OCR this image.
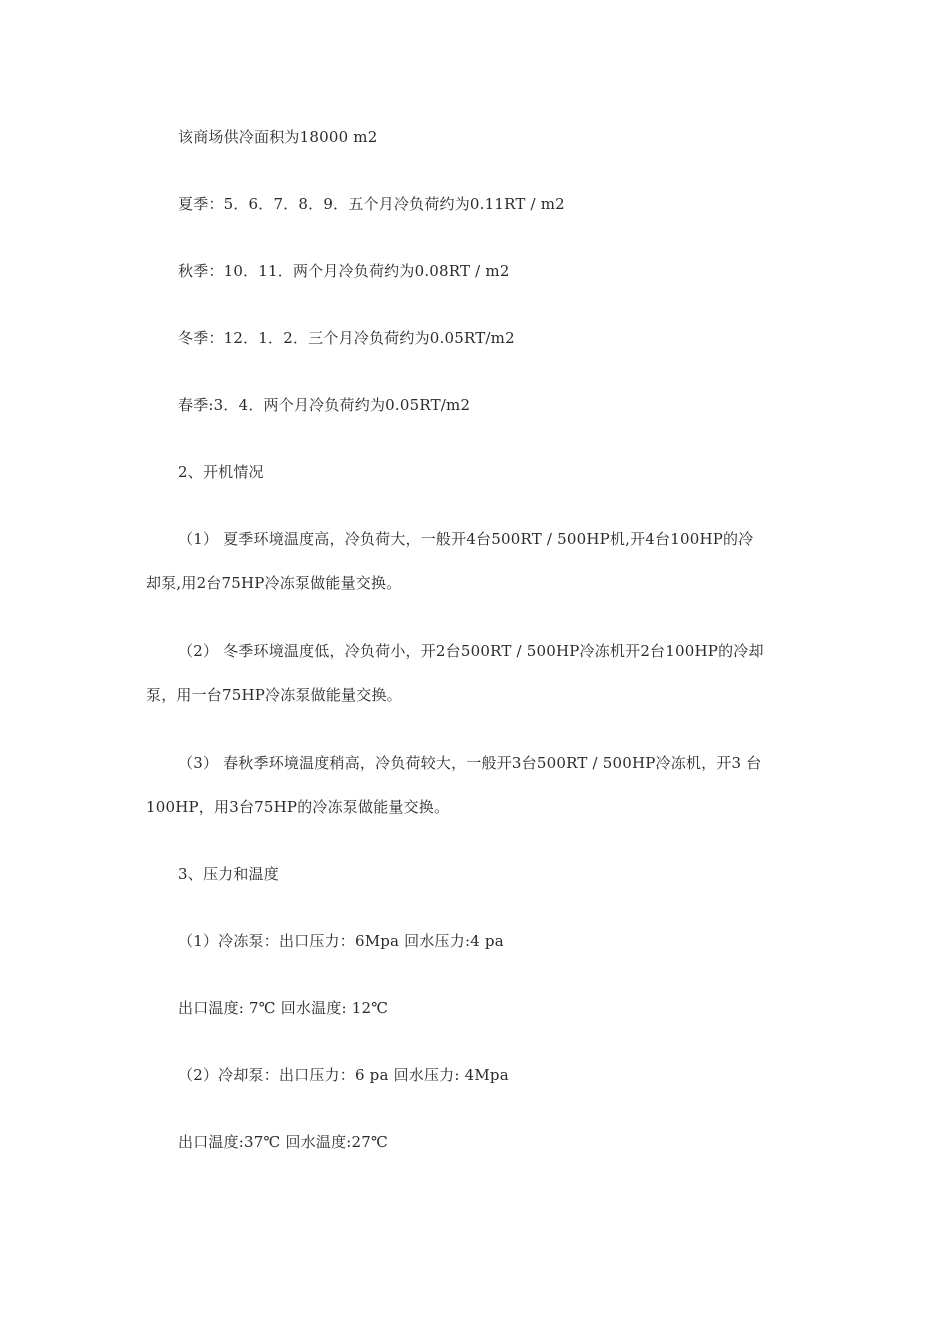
该商场供冷面积为18000 m2
夏季：5．6．7．8．9．五个月冷负荷约为0.11RT / m2
秋季：10．11．两个月冷负荷约为0.08RT / m2
冬季：12．1．2．三个月冷负荷约为0.05RT/m2
春季:3．4．两个月冷负荷约为0.05RT/m2
2、开机情况
（1） 夏季环境温度高，冷负荷大，一般开4台500RT / 500HP机,开4台100HP的冷
却泵,用2台75HP冷冻泵做能量交换。
（2） 冬季环境温度低，冷负荷小，开2台500RT / 500HP冷冻机开2台100HP的冷却
泵，用一台75HP冷冻泵做能量交换。
（3） 春秋季环境温度稍高，冷负荷较大，一般开3台500RT / 500HP冷冻机，开3 台
100HP，用3台75HP的冷冻泵做能量交换。
3、压力和温度
（1）冷冻泵：出口压力：6Mpa 回水压力:4 pa
出口温度: 7℃ 回水温度: 12℃
（2）冷却泵：出口压力：6 pa 回水压力: 4Mpa
出口温度:37℃ 回水温度:27℃
